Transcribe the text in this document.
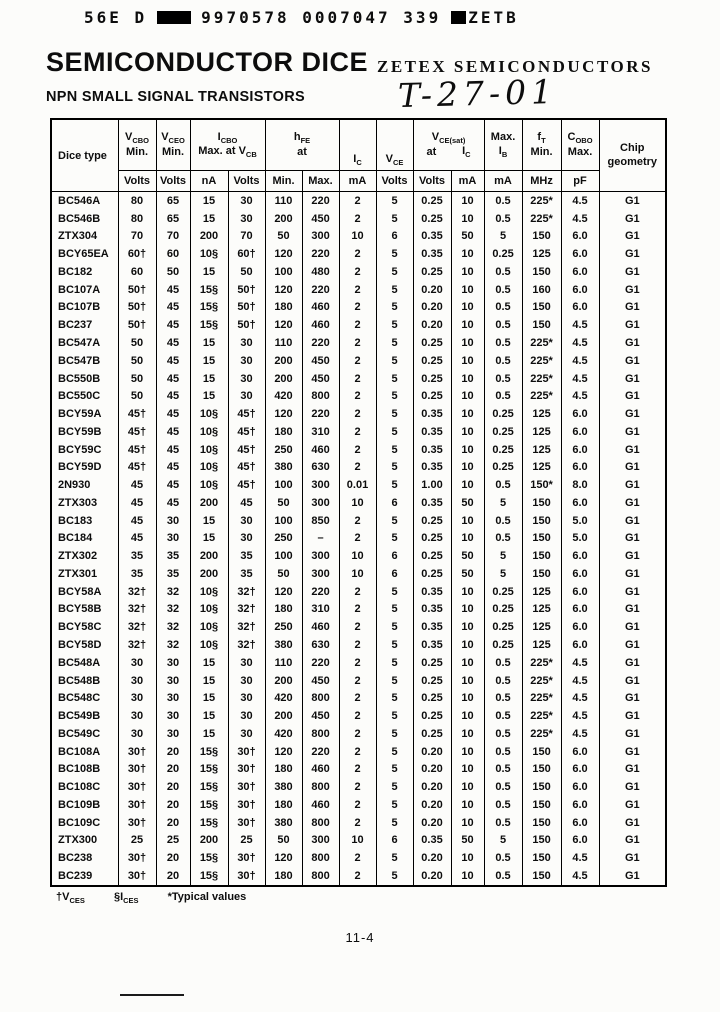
56E D	9970578 0007047 339 ZETB
SEMICONDUCTOR DICE ZETEX SEMICONDUCTORS
NPN SMALL SIGNAL TRANSISTORS	T-27-01
Dice type	
$V_{CBO}$
Min.

$V_{CEO}$
Min.

$I_{CBO}$
Max. at $V_{CB}$

$h_{FE}$
at

$I_C$	$V_{CE}$

$V_{CE(sat)}$
at $I_C$

Max.
$I_B$

$f_T$
Min.

$C_{OBO}$
Max.	Chip
geometry

	Volts	Volts	nA	Volts	Min.	Max.	mA	Volts	Volts	mA	mA	MHz	pF	
BC546A	80	65	15	30	110	220	2	5	0.25	10	0.5	225*	4.5	G1
BC546B	80	65	15	30	200	450	2	5	0.25	10	0.5	225*	4.5	G1
ZTX304	70	70	200	70	50	300	10	6	0.35	50	5	150	6.0	G1
BCY65EA	60†	60	10§	60†	120	220	2	5	0.35	10	0.25	125	6.0	G1
BC182	60	50	15	50	100	480	2	5	0.25	10	0.5	150	6.0	G1
BC107A	50†	45	15§	50†	120	220	2	5	0.20	10	0.5	160	6.0	G1
BC107B	50†	45	15§	50†	180	460	2	5	0.20	10	0.5	150	6.0	G1
BC237	50†	45	15§	50†	120	460	2	5	0.20	10	0.5	150	4.5	G1
BC547A	50	45	15	30	110	220	2	5	0.25	10	0.5	225*	4.5	G1
BC547B	50	45	15	30	200	450	2	5	0.25	10	0.5	225*	4.5	G1
BC550B	50	45	15	30	200	450	2	5	0.25	10	0.5	225*	4.5	G1
BC550C	50	45	15	30	420	800	2	5	0.25	10	0.5	225*	4.5	G1
BCY59A	45†	45	10§	45†	120	220	2	5	0.35	10	0.25	125	6.0	G1
BCY59B	45†	45	10§	45†	180	310	2	5	0.35	10	0.25	125	6.0	G1
BCY59C	45†	45	10§	45†	250	460	2	5	0.35	10	0.25	125	6.0	G1
BCY59D	45†	45	10§	45†	380	630	2	5	0.35	10	0.25	125	6.0	G1
2N930	45	45	10§	45†	100	300	0.01	5	1.00	10	0.5	150*	8.0	G1
ZTX303	45	45	200	45	50	300	10	6	0.35	50	5	150	6.0	G1
BC183	45	30	15	30	100	850	2	5	0.25	10	0.5	150	5.0	G1
BC184	45	30	15	30	250	–	2	5	0.25	10	0.5	150	5.0	G1
ZTX302	35	35	200	35	100	300	10	6	0.25	50	5	150	6.0	G1
ZTX301	35	35	200	35	50	300	10	6	0.25	50	5	150	6.0	G1
BCY58A	32†	32	10§	32†	120	220	2	5	0.35	10	0.25	125	6.0	G1
BCY58B	32†	32	10§	32†	180	310	2	5	0.35	10	0.25	125	6.0	G1
BCY58C	32†	32	10§	32†	250	460	2	5	0.35	10	0.25	125	6.0	G1
BCY58D	32†	32	10§	32†	380	630	2	5	0.35	10	0.25	125	6.0	G1
BC548A	30	30	15	30	110	220	2	5	0.25	10	0.5	225*	4.5	G1
BC548B	30	30	15	30	200	450	2	5	0.25	10	0.5	225*	4.5	G1
BC548C	30	30	15	30	420	800	2	5	0.25	10	0.5	225*	4.5	G1
BC549B	30	30	15	30	200	450	2	5	0.25	10	0.5	225*	4.5	G1
BC549C	30	30	15	30	420	800	2	5	0.25	10	0.5	225*	4.5	G1
BC108A	30†	20	15§	30†	120	220	2	5	0.20	10	0.5	150	6.0	G1
BC108B	30†	20	15§	30†	180	460	2	5	0.20	10	0.5	150	6.0	G1
BC108C	30†	20	15§	30†	380	800	2	5	0.20	10	0.5	150	6.0	G1
BC109B	30†	20	15§	30†	180	460	2	5	0.20	10	0.5	150	6.0	G1
BC109C	30†	20	15§	30†	380	800	2	5	0.20	10	0.5	150	6.0	G1
ZTX300	25	25	200	25	50	300	10	6	0.35	50	5	150	6.0	G1
BC238	30†	20	15§	30†	120	800	2	5	0.20	10	0.5	150	4.5	G1
BC239	30†	20	15§	30†	180	800	2	5	0.20	10	0.5	150	4.5	G1
$\dagger V_{CES}$	$\S I_{CES}$	*Typical values
11-4
